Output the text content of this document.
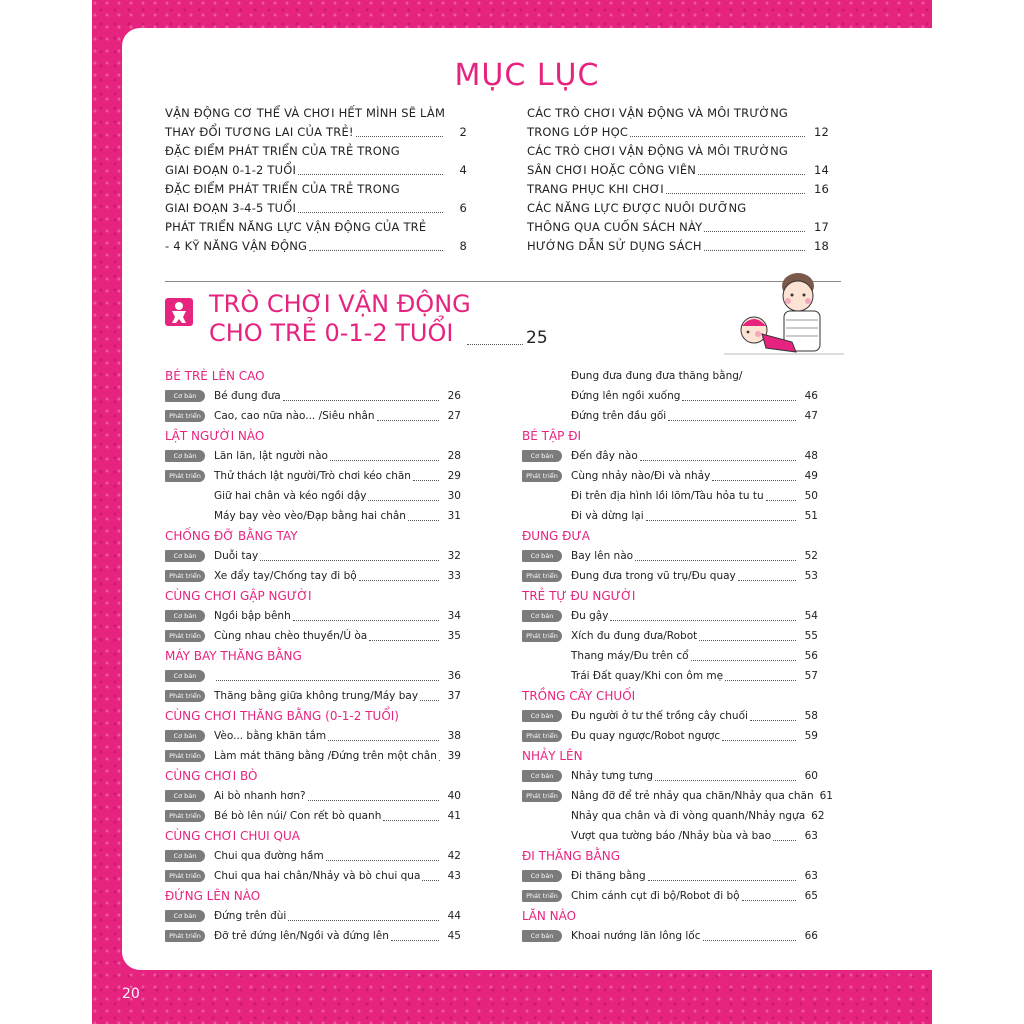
MỤC LỤC
VẬN ĐỘNG CƠ THỂ VÀ CHƠI HẾT MÌNH SẼ LÀM
THAY ĐỔI TƯƠNG LAI CỦA TRẺ!	2
ĐẶC ĐIỂM PHÁT TRIỂN CỦA TRẺ TRONG
GIAI ĐOẠN 0-1-2 TUỔI	4
ĐẶC ĐIỂM PHÁT TRIỂN CỦA TRẺ TRONG
GIAI ĐOẠN 3-4-5 TUỔI	6
PHÁT TRIỂN NĂNG LỰC VẬN ĐỘNG CỦA TRẺ
- 4 KỸ NĂNG VẬN ĐỘNG	8
CÁC TRÒ CHƠI VẬN ĐỘNG VÀ MÔI TRƯỜNG
TRONG LỚP HỌC	12
CÁC TRÒ CHƠI VẬN ĐỘNG VÀ MÔI TRƯỜNG
SÂN CHƠI HOẶC CÔNG VIÊN	14
TRANG PHỤC KHI CHƠI	16
CÁC NĂNG LỰC ĐƯỢC NUÔI DƯỠNG
THÔNG QUA CUỐN SÁCH NÀY	17
HƯỚNG DẪN SỬ DỤNG SÁCH	18
TRÒ CHƠI VẬN ĐỘNG
CHO TRẺ 0-1-2 TUỔI	25
BÉ TRÈ LÊN CAO
Cơ bản	Bé đung đưa	26
Phát triển	Cao, cao nữa nào... /Siêu nhân	27
LẬT NGƯỜI NÀO
Cơ bản	Lăn lăn, lật người nào	28
Phát triển	Thử thách lật người/Trò chơi kéo chăn	29
Giữ hai chân và kéo ngồi dậy	30
Máy bay vèo vèo/Đạp bằng hai chân	31
CHỐNG ĐỠ BẰNG TAY
Cơ bản	Duỗi tay	32
Phát triển	Xe đẩy tay/Chống tay đi bộ	33
CÙNG CHƠI GẬP NGƯỜI
Cơ bản	Ngồi bập bênh	34
Phát triển	Cùng nhau chèo thuyền/Ú òa	35
MÁY BAY THĂNG BẰNG
Cơ bản	36
Phát triển	Thăng bằng giữa không trung/Máy bay	37
CÙNG CHƠI THĂNG BẰNG (0-1-2 TUỔI)
Cơ bản	Vèo... bằng khăn tắm	38
Phát triển	Làm mát thăng bằng /Đứng trên một chân	39
CÙNG CHƠI BÒ
Cơ bản	Ai bò nhanh hơn?	40
Phát triển	Bé bò lên núi/ Con rết bò quanh	41
CÙNG CHƠI CHUI QUA
Cơ bản	Chui qua đường hầm	42
Phát triển	Chui qua hai chân/Nhảy và bò chui qua	43
ĐỨNG LÊN NÀO
Cơ bản	Đứng trên đùi	44
Phát triển	Đỡ trẻ đứng lên/Ngồi và đứng lên	45
Đung đưa đung đưa thăng bằng/
Đứng lên ngồi xuống	46
Đứng trên đầu gối	47
BÉ TẬP ĐI
Cơ bản	Đến đây nào	48
Phát triển	Cùng nhảy nào/Đi và nhảy	49
Đi trên địa hình lồi lõm/Tàu hỏa tu tu	50
Đi và dừng lại	51
ĐUNG ĐƯA
Cơ bản	Bay lên nào	52
Phát triển	Đung đưa trong vũ trụ/Đu quay	53
TRẺ TỰ ĐU NGƯỜI
Cơ bản	Đu gậy	54
Phát triển	Xích đu đung đưa/Robot	55
Thang máy/Đu trên cổ	56
Trái Đất quay/Khi con ôm mẹ	57
TRỒNG CÂY CHUỐI
Cơ bản	Đu người ở tư thế trồng cây chuối	58
Phát triển	Đu quay ngược/Robot ngược	59
NHẢY LÊN
Cơ bản	Nhảy tưng tưng	60
Phát triển	Nâng đỡ để trẻ nhảy qua chăn/Nhảy qua chăn 61
Nhảy qua chân và đi vòng quanh/Nhảy ngựa 62
Vượt qua tường báo /Nhảy bùa và bao	63
ĐI THĂNG BẰNG
Cơ bản	Đi thăng bằng	63
Phát triển	Chim cánh cụt đi bộ/Robot đi bộ	65
LĂN NÀO
Cơ bản	Khoai nướng lăn lông lốc	66
20
